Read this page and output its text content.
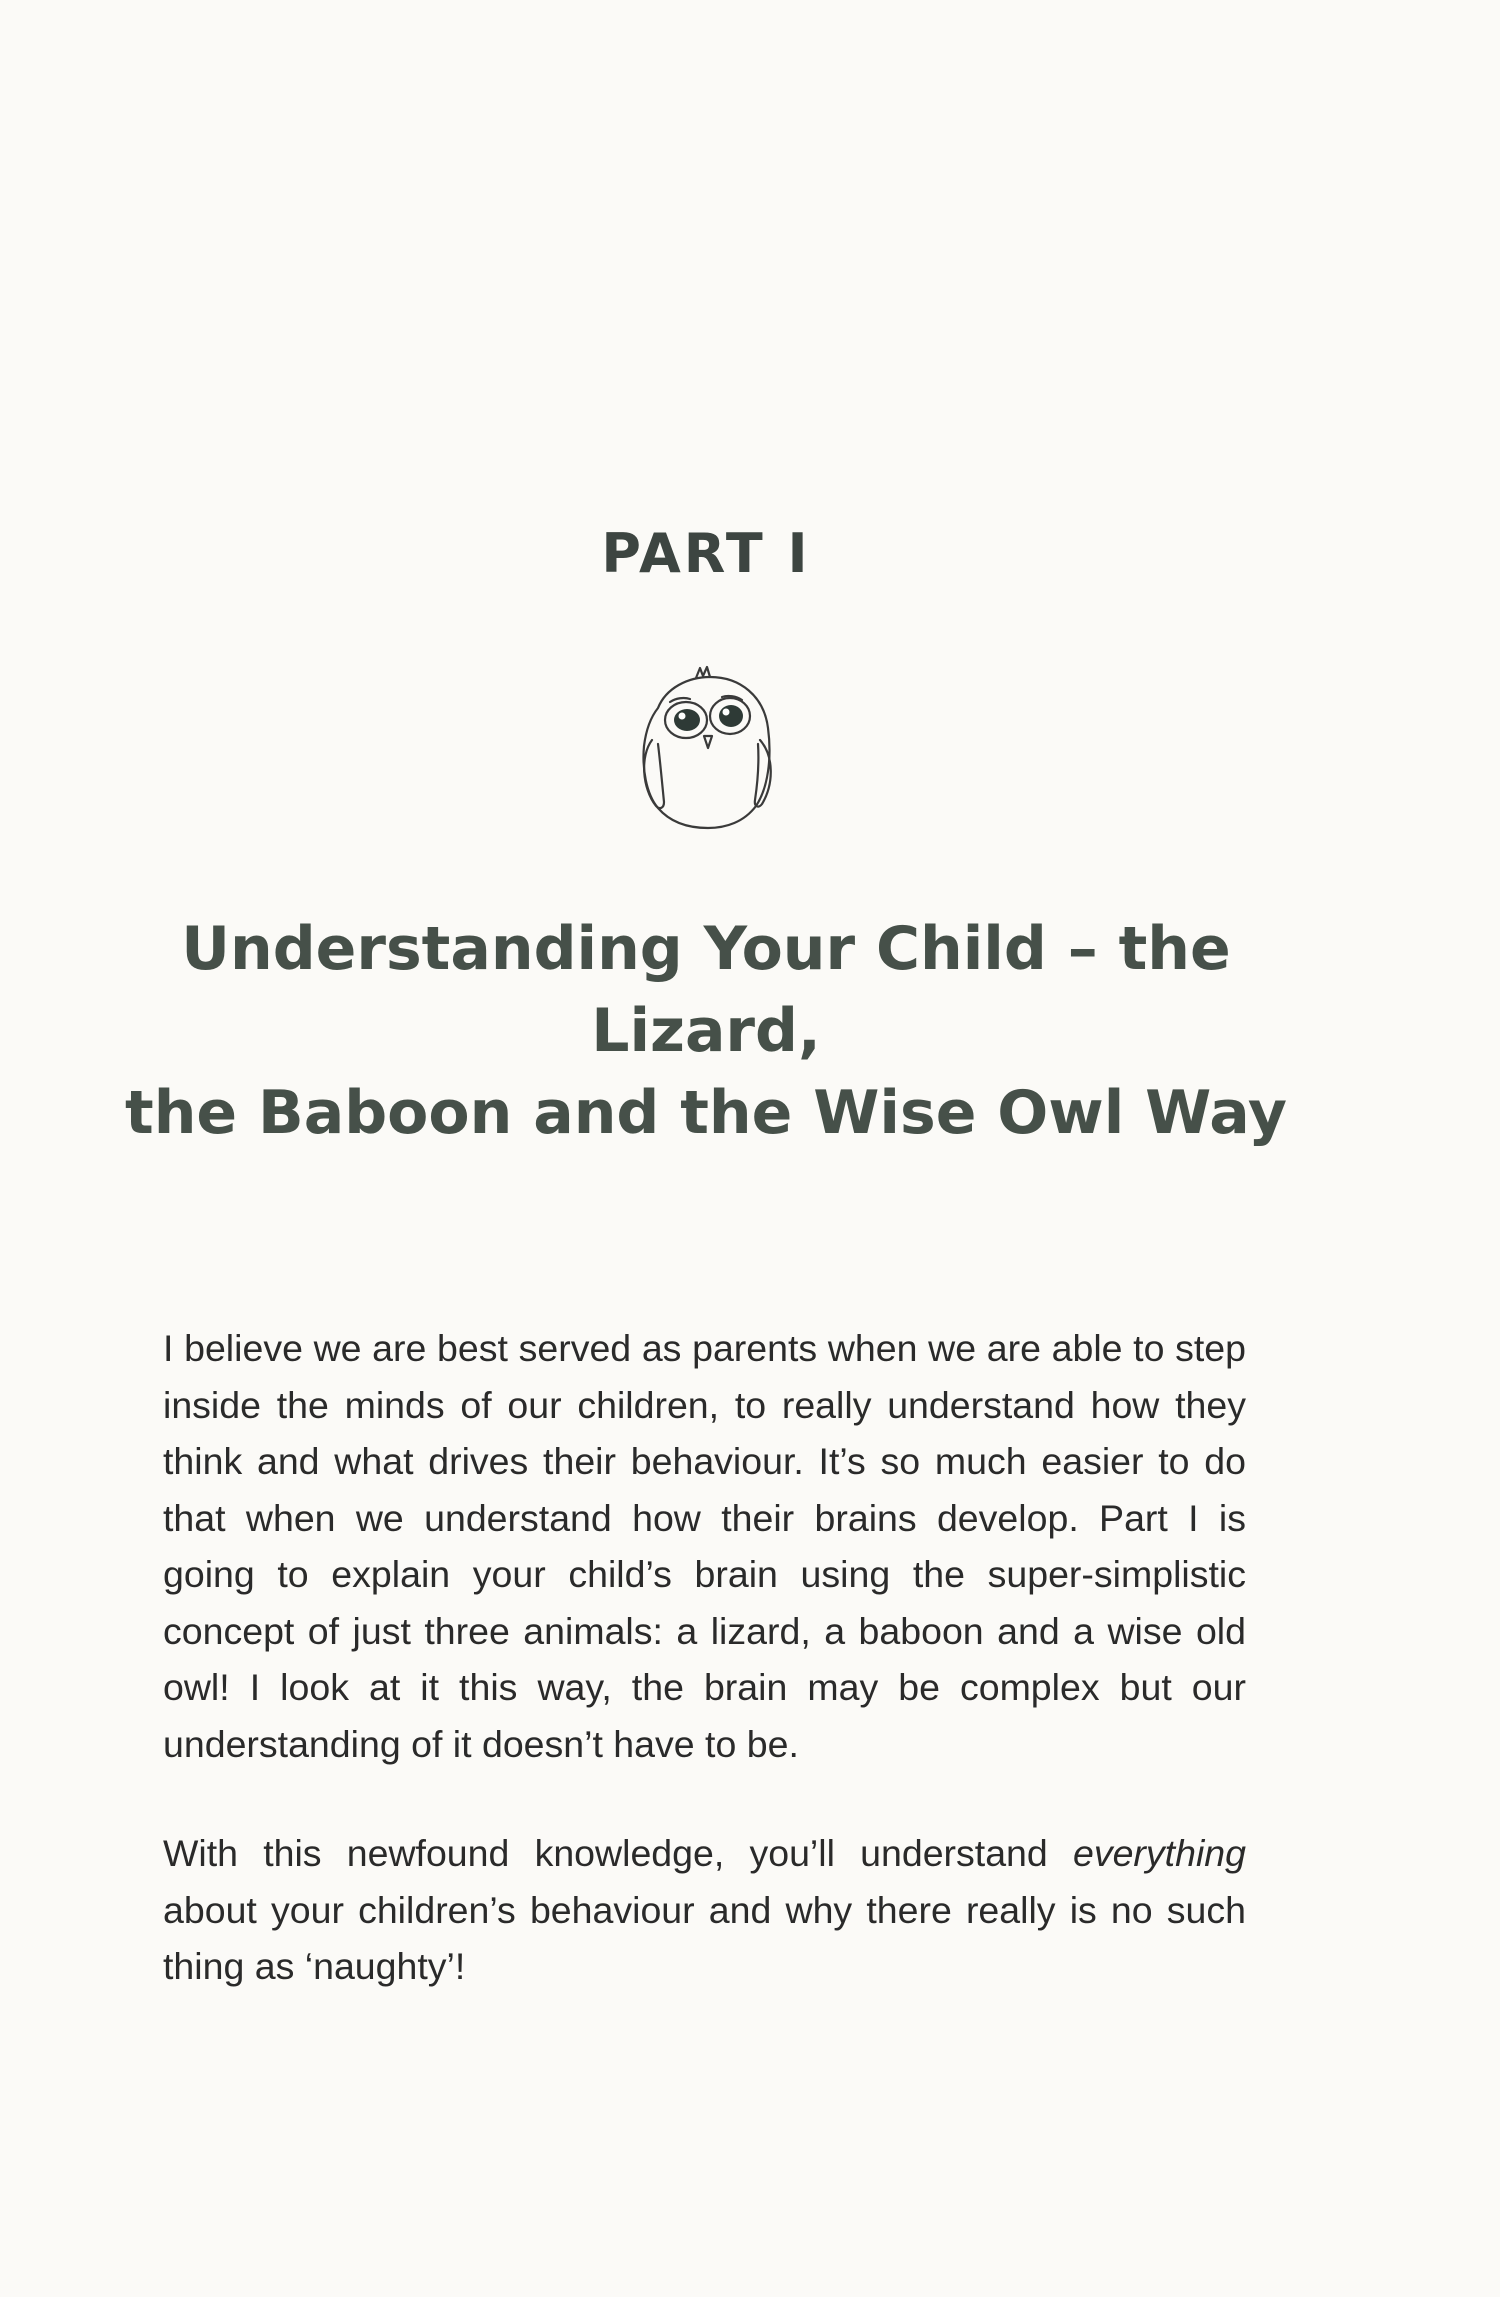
PART I
Understanding Your Child – the Lizard,
the Baboon and the Wise Owl Way

I believe we are best served as parents when we are able to step inside the minds of our children, to really understand how they think and what drives their behaviour. It’s so much easier to do that when we understand how their brains develop. Part I is going to explain your child’s brain using the super-simplistic concept of just three animals: a lizard, a baboon and a wise old owl! I look at it this way, the brain may be complex but our understanding of it doesn’t have to be.

With this newfound knowledge, you’ll understand everything about your children’s behaviour and why there really is no such thing as ‘naughty’!
